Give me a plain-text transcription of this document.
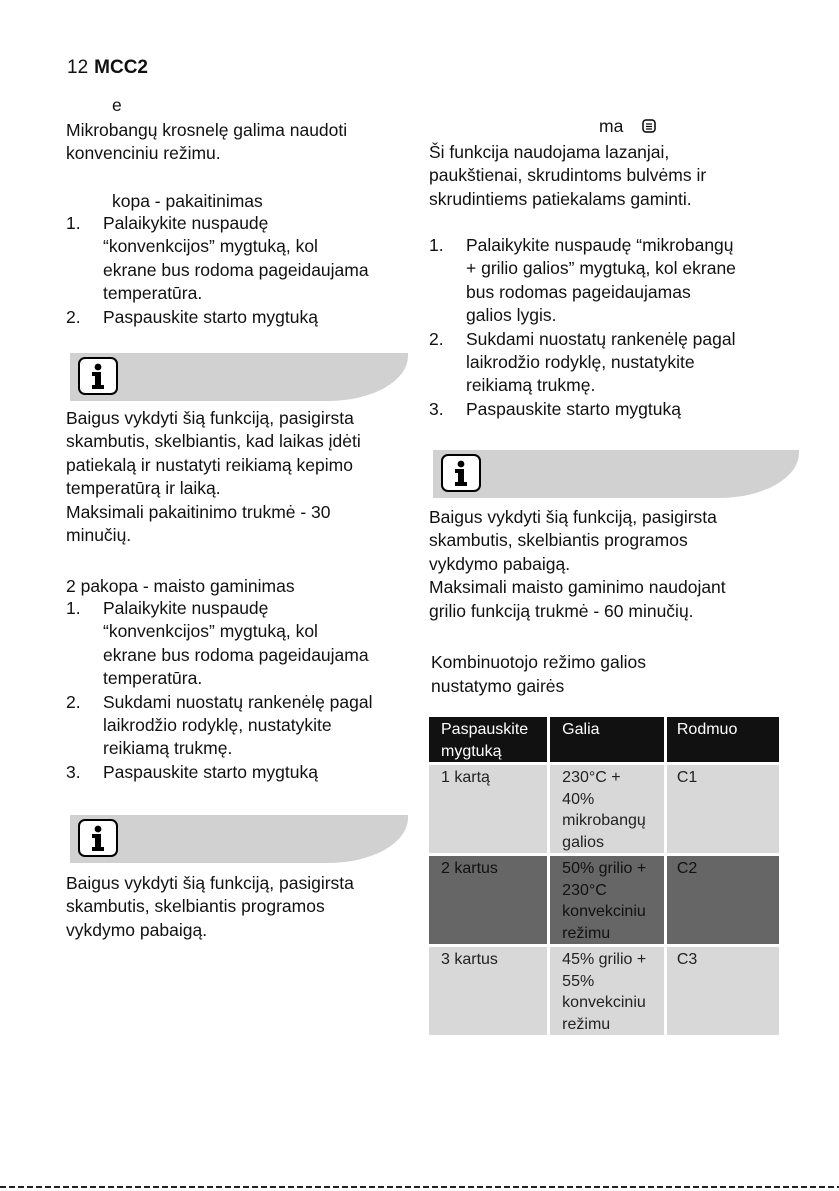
12 MCC2
e
Mikrobangų krosnelę galima naudoti
konvenciniu režimu.
kopa - pakaitinimas
1. Palaikykite nuspaudę
“konvenkcijos” mygtuką, kol
ekrane bus rodoma pageidaujama
temperatūra.
2. Paspauskite starto mygtuką
Baigus vykdyti šią funkciją, pasigirsta
skambutis, skelbiantis, kad laikas įdėti
patiekalą ir nustatyti reikiamą kepimo
temperatūrą ir laiką.
Maksimali pakaitinimo trukmė - 30
minučių.
2 pakopa - maisto gaminimas
1. Palaikykite nuspaudę
“konvenkcijos” mygtuką, kol
ekrane bus rodoma pageidaujama
temperatūra.
2. Sukdami nuostatų rankenėlę pagal
laikrodžio rodyklę, nustatykite
reikiamą trukmę.
3. Paspauskite starto mygtuką
Baigus vykdyti šią funkciją, pasigirsta
skambutis, skelbiantis programos
vykdymo pabaigą.
ma
Ši funkcija naudojama lazanjai,
paukštienai, skrudintoms bulvėms ir
skrudintiems patiekalams gaminti.
1. Palaikykite nuspaudę “mikrobangų
+ grilio galios” mygtuką, kol ekrane
bus rodomas pageidaujamas
galios lygis.
2. Sukdami nuostatų rankenėlę pagal
laikrodžio rodyklę, nustatykite
reikiamą trukmę.
3. Paspauskite starto mygtuką
Baigus vykdyti šią funkciją, pasigirsta
skambutis, skelbiantis programos
vykdymo pabaigą.
Maksimali maisto gaminimo naudojant
grilio funkciją trukmė - 60 minučių.
Kombinuotojo režimo galios
nustatymo gairės
Paspauskite
mygtuką	Galia	Rodmuo

1 kartą	230°C +
40%
mikrobangų
galios	C1

2 kartus	50% grilio +
230°C
konvekciniu
režimu	C2

3 kartus	45% grilio +
55%
konvekciniu
režimu	C3
